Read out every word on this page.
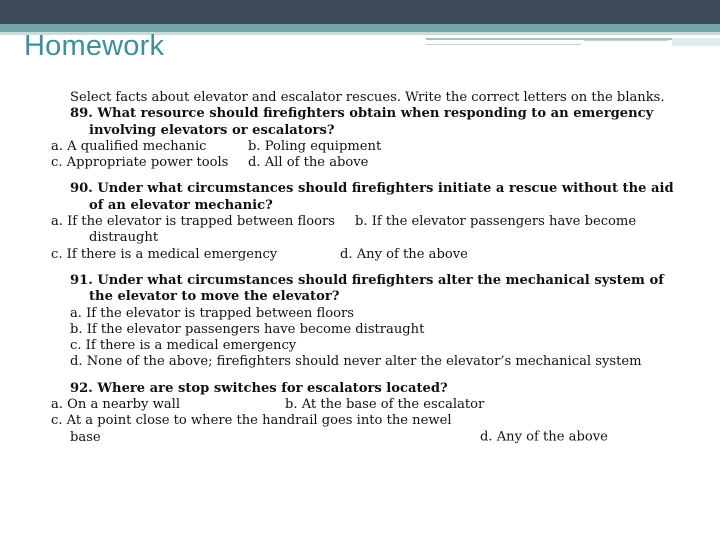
Homework

Select facts about elevator and escalator rescues. Write the correct letters on the blanks.

89. What resource should firefighters obtain when responding to an emergency involving elevators or escalators?

a. A qualified mechanic	b. Poling equipment

c. Appropriate power tools d. All of the above

90. Under what circumstances should firefighters initiate a rescue without the aid of an elevator mechanic?

a. If the elevator is trapped between floors b. If the elevator passengers have become distraught

c. If there is a medical emergency	d. Any of the above

91. Under what circumstances should firefighters alter the mechanical system of the elevator to move the elevator?

a. If the elevator is trapped between floors

b. If the elevator passengers have become distraught

c. If there is a medical emergency

d. None of the above; firefighters should never alter the elevator’s mechanical system

92. Where are stop switches for escalators located?

a. On a nearby wall	b. At the base of the escalator

c. At a point close to where the handrail goes into the newel base	d. Any of the above
